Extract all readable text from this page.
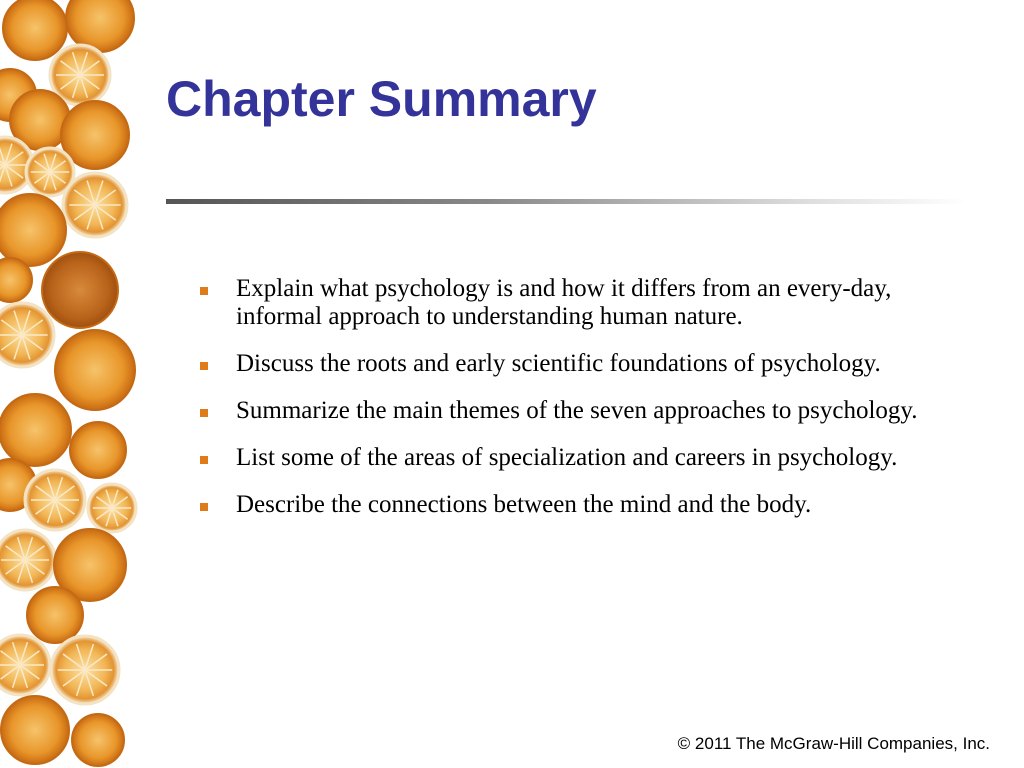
Chapter Summary
Explain what psychology is and how it differs from an every-day, informal approach to understanding human nature.
Discuss the roots and early scientific foundations of psychology.
Summarize the main themes of the seven approaches to psychology.
List some of the areas of specialization and careers in psychology.
Describe the connections between the mind and the body.
© 2011 The McGraw-Hill Companies, Inc.
